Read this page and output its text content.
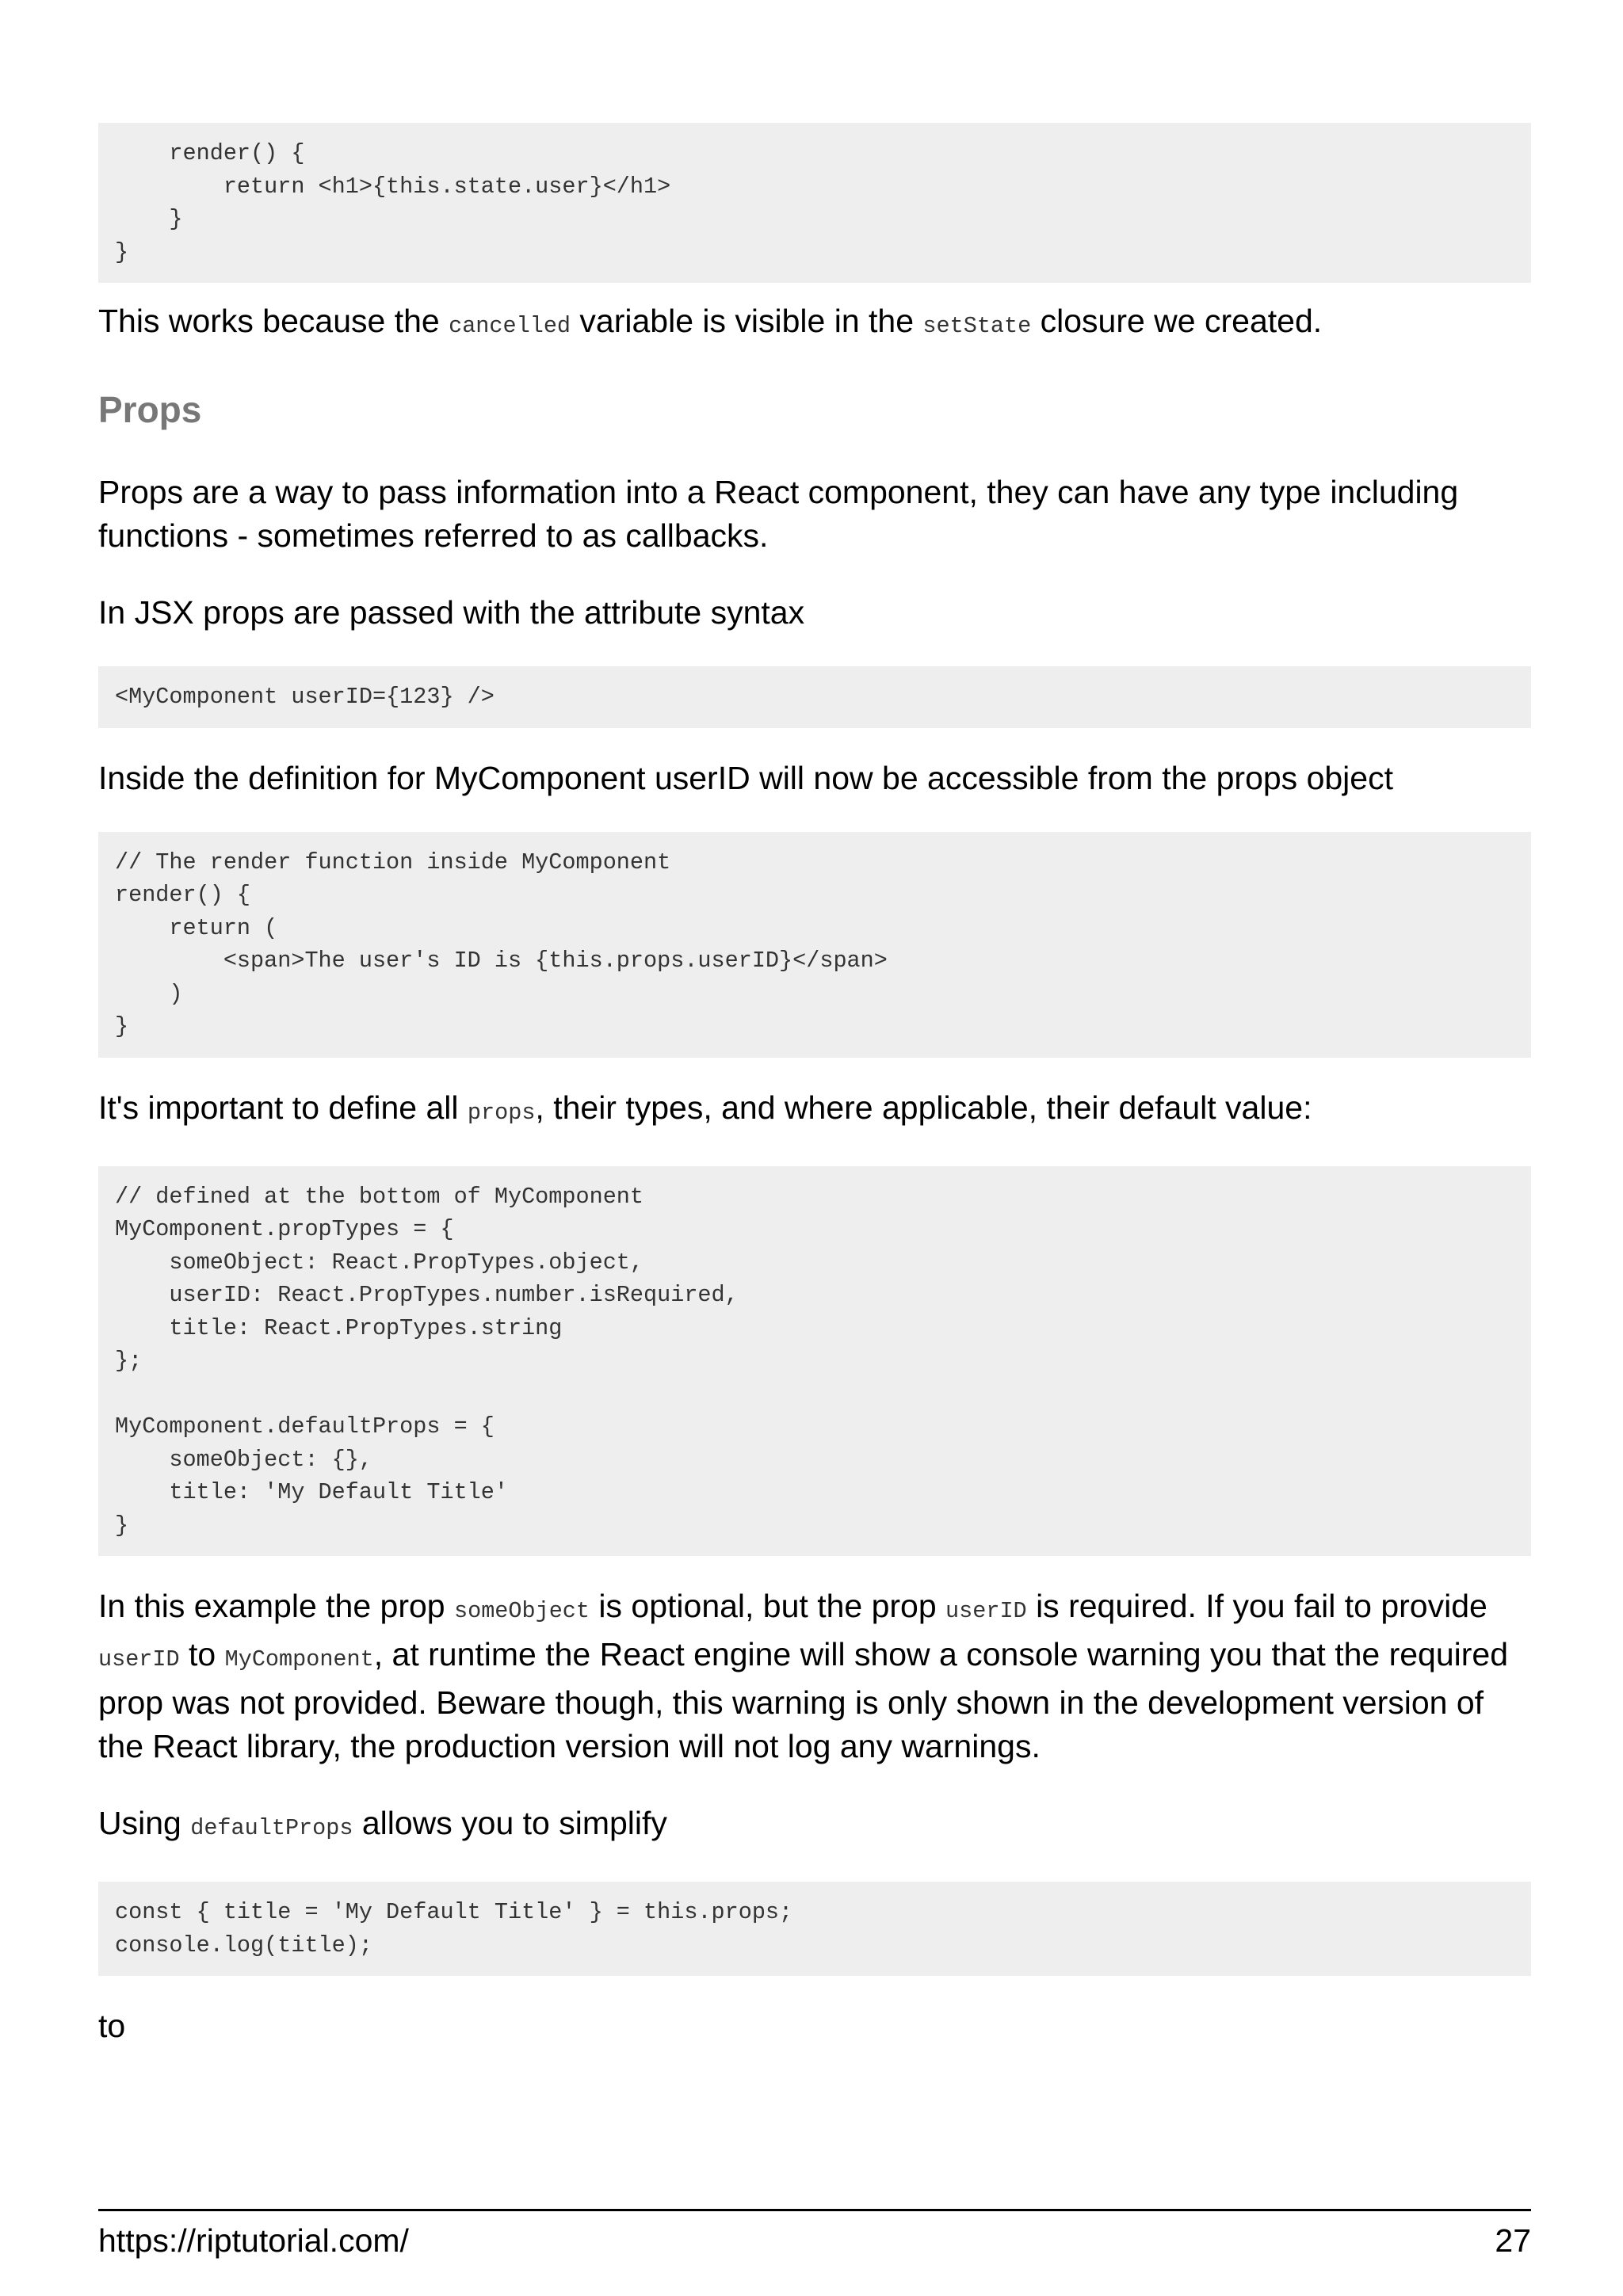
render() {
return <h1>{this.state.user}</h1>
}
}

This works because the cancelled variable is visible in the setState closure we created.

Props

Props are a way to pass information into a React component, they can have any type including functions - sometimes referred to as callbacks.

In JSX props are passed with the attribute syntax

<MyComponent userID={123} />

Inside the definition for MyComponent userID will now be accessible from the props object

// The render function inside MyComponent
render() {
return (
<span>The user's ID is {this.props.userID}</span>
)
}

It's important to define all props, their types, and where applicable, their default value:

// defined at the bottom of MyComponent
MyComponent.propTypes = {
someObject: React.PropTypes.object,
userID: React.PropTypes.number.isRequired,
title: React.PropTypes.string
};
MyComponent.defaultProps = {
someObject: {},
title: 'My Default Title'
}

In this example the prop someObject is optional, but the prop userID is required. If you fail to provide userID to MyComponent, at runtime the React engine will show a console warning you that the required prop was not provided. Beware though, this warning is only shown in the development version of the React library, the production version will not log any warnings.

Using defaultProps allows you to simplify

const { title = 'My Default Title' } = this.props;
console.log(title);

to

https://riptutorial.com/	27
